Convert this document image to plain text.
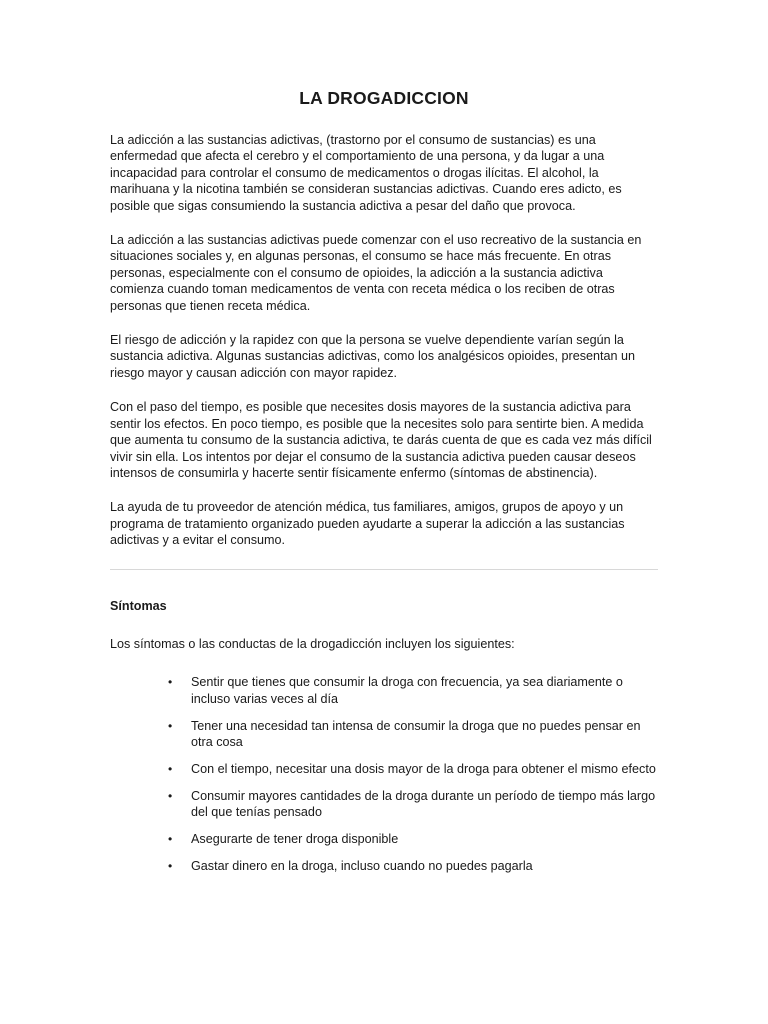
LA DROGADICCION

La adicción a las sustancias adictivas, (trastorno por el consumo de sustancias) es una enfermedad que afecta el cerebro y el comportamiento de una persona, y da lugar a una incapacidad para controlar el consumo de medicamentos o drogas ilícitas. El alcohol, la marihuana y la nicotina también se consideran sustancias adictivas. Cuando eres adicto, es posible que sigas consumiendo la sustancia adictiva a pesar del daño que provoca.

La adicción a las sustancias adictivas puede comenzar con el uso recreativo de la sustancia en situaciones sociales y, en algunas personas, el consumo se hace más frecuente. En otras personas, especialmente con el consumo de opioides, la adicción a la sustancia adictiva comienza cuando toman medicamentos de venta con receta médica o los reciben de otras personas que tienen receta médica.

El riesgo de adicción y la rapidez con que la persona se vuelve dependiente varían según la sustancia adictiva. Algunas sustancias adictivas, como los analgésicos opioides, presentan un riesgo mayor y causan adicción con mayor rapidez.

Con el paso del tiempo, es posible que necesites dosis mayores de la sustancia adictiva para sentir los efectos. En poco tiempo, es posible que la necesites solo para sentirte bien. A medida que aumenta tu consumo de la sustancia adictiva, te darás cuenta de que es cada vez más difícil vivir sin ella. Los intentos por dejar el consumo de la sustancia adictiva pueden causar deseos intensos de consumirla y hacerte sentir físicamente enfermo (síntomas de abstinencia).

La ayuda de tu proveedor de atención médica, tus familiares, amigos, grupos de apoyo y un programa de tratamiento organizado pueden ayudarte a superar la adicción a las sustancias adictivas y a evitar el consumo.

Síntomas

Los síntomas o las conductas de la drogadicción incluyen los siguientes:

• Sentir que tienes que consumir la droga con frecuencia, ya sea diariamente o incluso varias veces al día
• Tener una necesidad tan intensa de consumir la droga que no puedes pensar en otra cosa
• Con el tiempo, necesitar una dosis mayor de la droga para obtener el mismo efecto
• Consumir mayores cantidades de la droga durante un período de tiempo más largo del que tenías pensado
• Asegurarte de tener droga disponible
• Gastar dinero en la droga, incluso cuando no puedes pagarla
